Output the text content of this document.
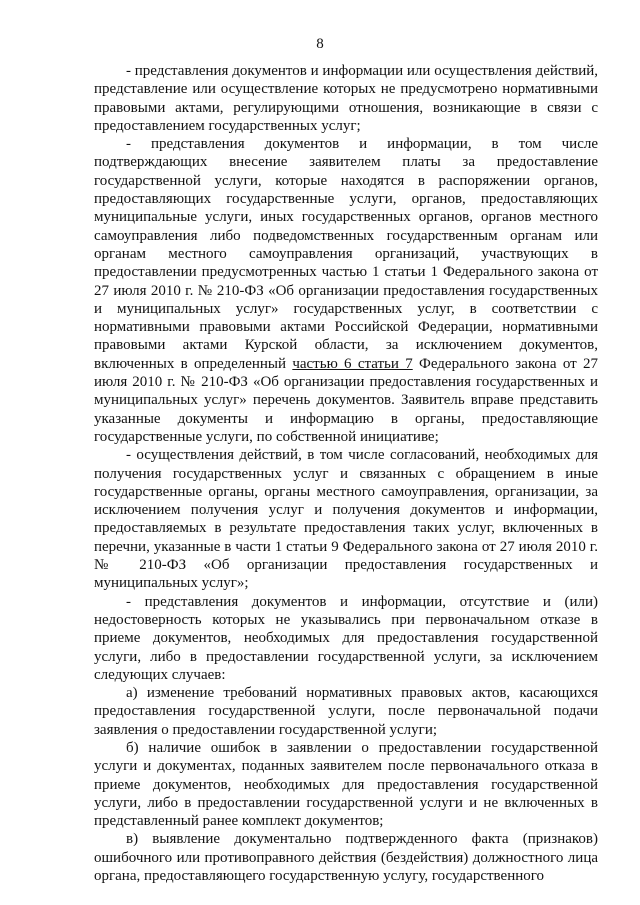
8

- представления документов и информации или осуществления действий, представление или осуществление которых не предусмотрено нормативными правовыми актами, регулирующими отношения, возникающие в связи с предоставлением государственных услуг;

- представления документов и информации, в том числе подтверждающих внесение заявителем платы за предоставление государственной услуги, которые находятся в распоряжении органов, предоставляющих государственные услуги, органов, предоставляющих муниципальные услуги, иных государственных органов, органов местного самоуправления либо подведомственных государственным органам или органам местного самоуправления организаций, участвующих в предоставлении предусмотренных частью 1 статьи 1 Федерального закона от 27 июля 2010 г. № 210-ФЗ «Об организации предоставления государственных и муниципальных услуг» государственных услуг, в соответствии с нормативными правовыми актами Российской Федерации, нормативными правовыми актами Курской области, за исключением документов, включенных в определенный частью 6 статьи 7 Федерального закона от 27 июля 2010 г. № 210-ФЗ «Об организации предоставления государственных и муниципальных услуг» перечень документов. Заявитель вправе представить указанные документы и информацию в органы, предоставляющие государственные услуги, по собственной инициативе;

- осуществления действий, в том числе согласований, необходимых для получения государственных услуг и связанных с обращением в иные государственные органы, органы местного самоуправления, организации, за исключением получения услуг и получения документов и информации, предоставляемых в результате предоставления таких услуг, включенных в перечни, указанные в части 1 статьи 9 Федерального закона от 27 июля 2010 г. № 210-ФЗ «Об организации предоставления государственных и муниципальных услуг»;

- представления документов и информации, отсутствие и (или) недостоверность которых не указывались при первоначальном отказе в приеме документов, необходимых для предоставления государственной услуги, либо в предоставлении государственной услуги, за исключением следующих случаев:

а) изменение требований нормативных правовых актов, касающихся предоставления государственной услуги, после первоначальной подачи заявления о предоставлении государственной услуги;

б) наличие ошибок в заявлении о предоставлении государственной услуги и документах, поданных заявителем после первоначального отказа в приеме документов, необходимых для предоставления государственной услуги, либо в предоставлении государственной услуги и не включенных в представленный ранее комплект документов;

в) выявление документально подтвержденного факта (признаков) ошибочного или противоправного действия (бездействия) должностного лица органа, предоставляющего государственную услугу, государственного
